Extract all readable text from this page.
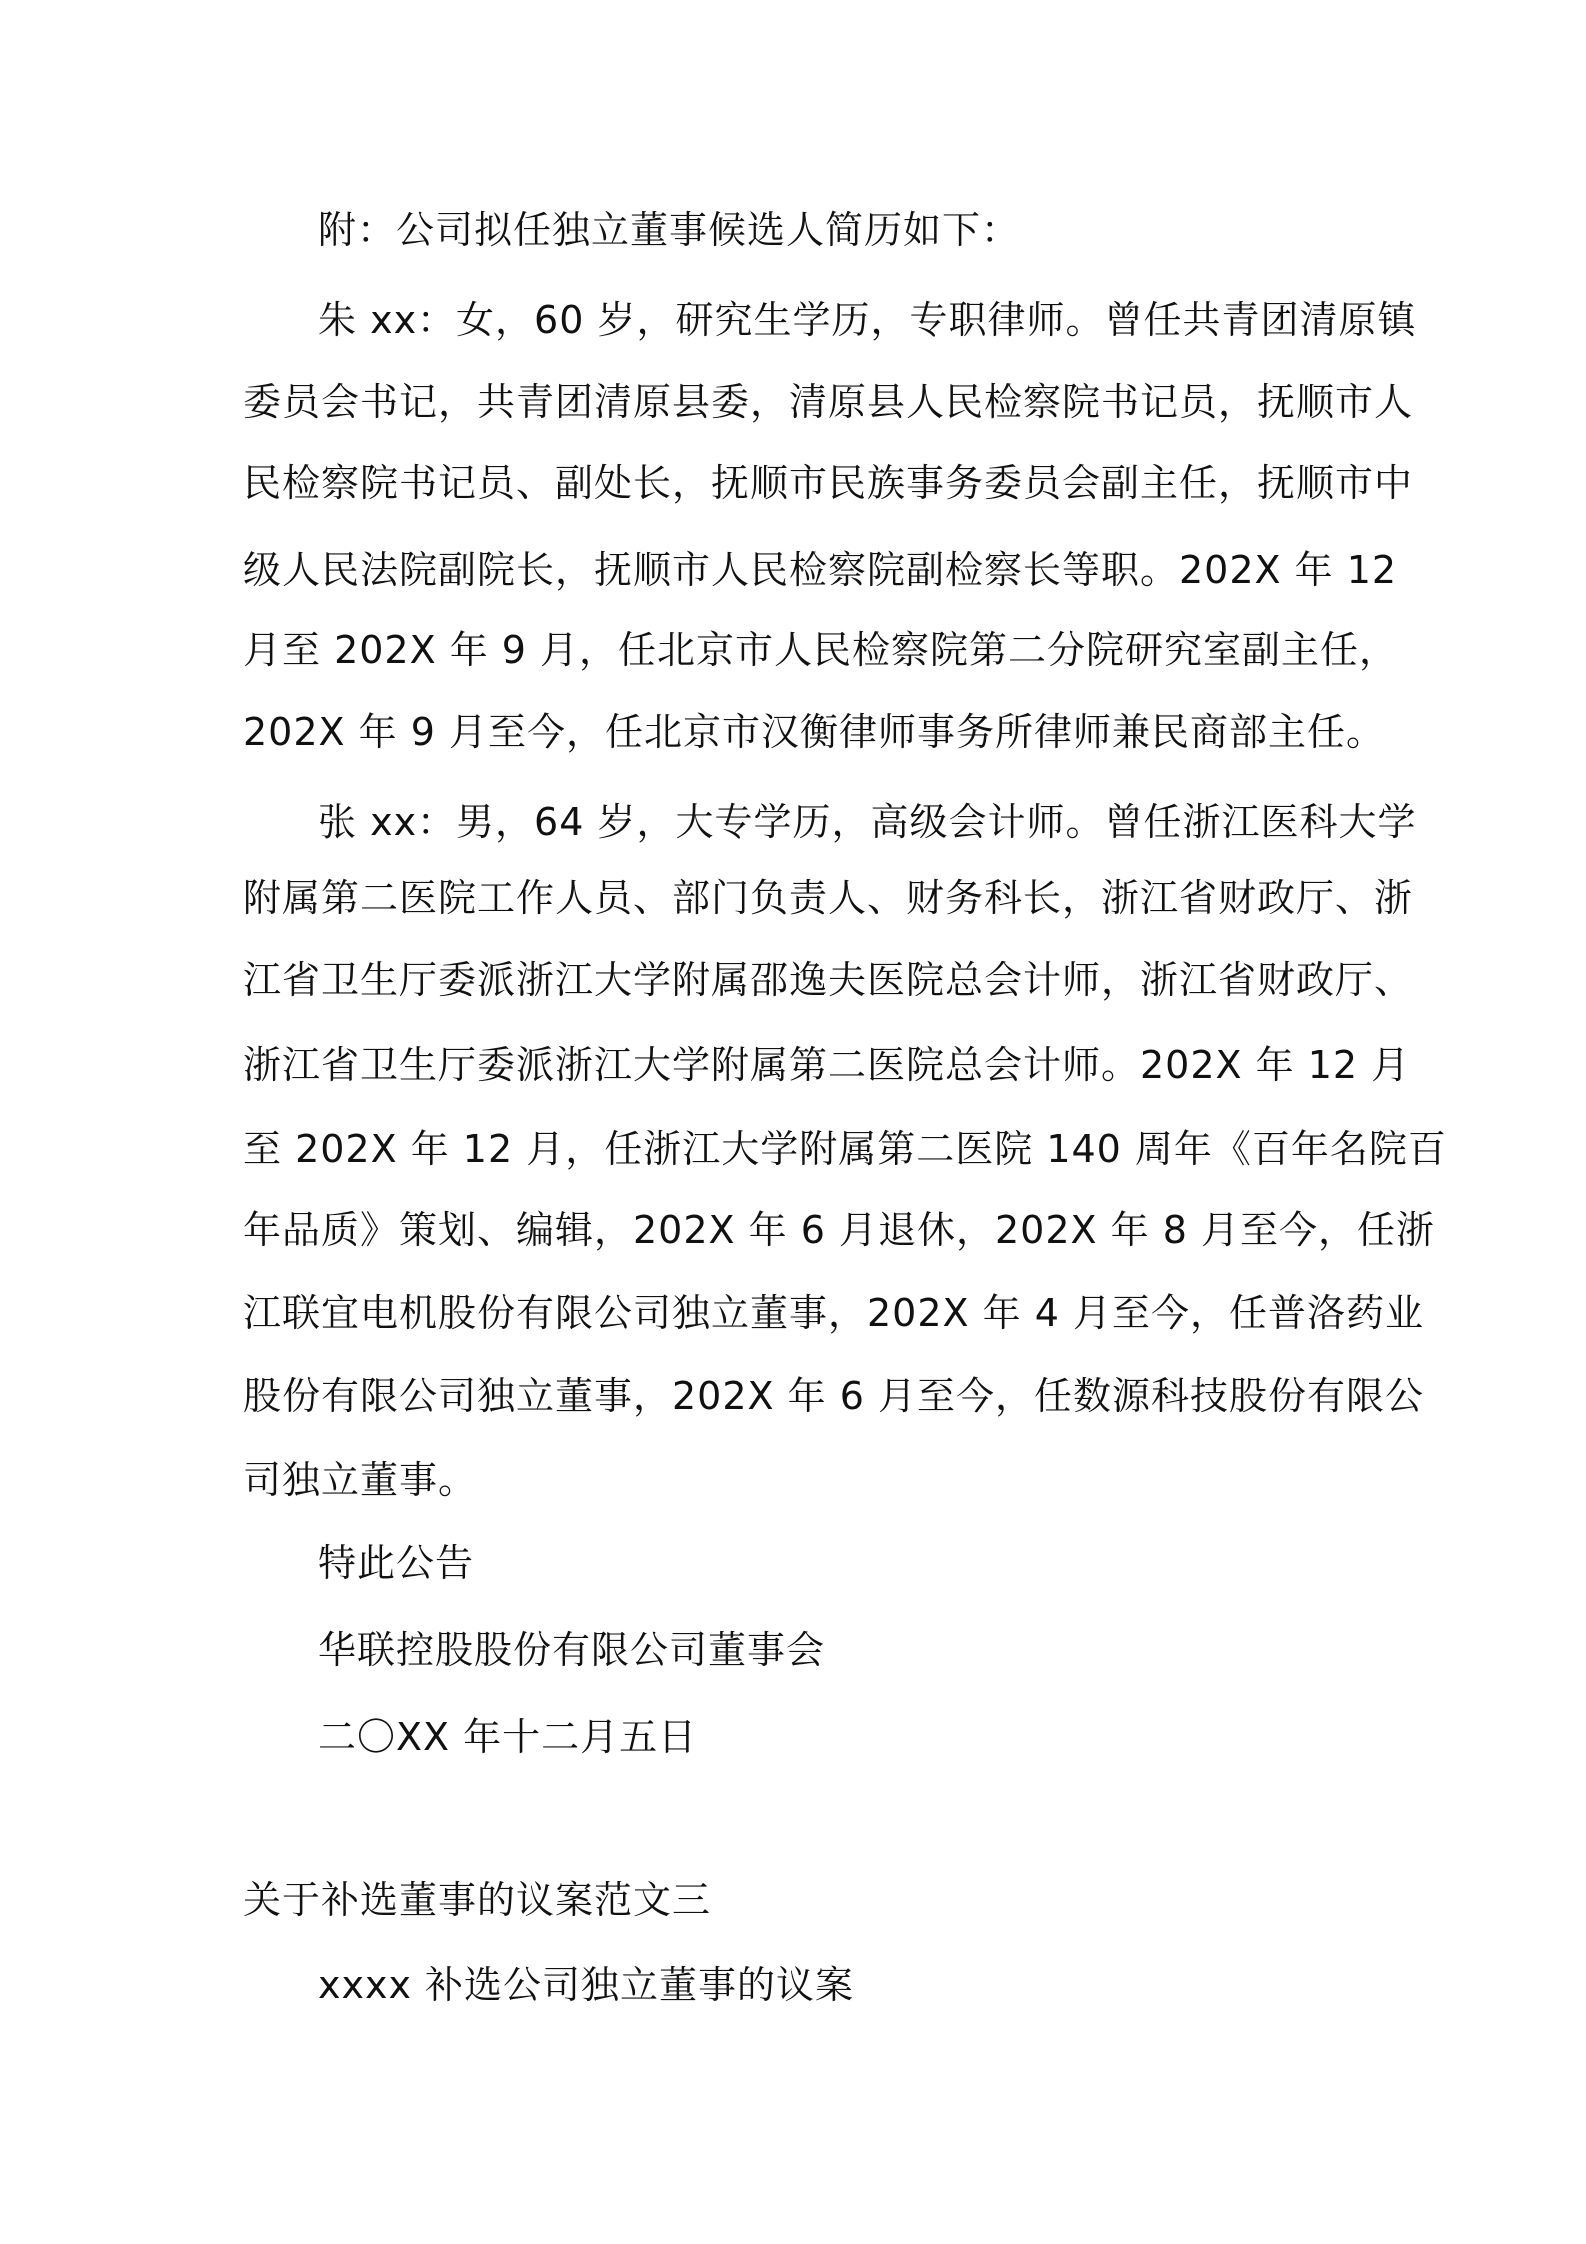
附：公司拟任独立董事候选人简历如下：
朱 xx：女，60 岁，研究生学历，专职律师。曾任共青团清原镇
委员会书记，共青团清原县委，清原县人民检察院书记员，抚顺市人
民检察院书记员、副处长，抚顺市民族事务委员会副主任，抚顺市中
级人民法院副院长，抚顺市人民检察院副检察长等职。202X 年 12
月至 202X 年 9 月，任北京市人民检察院第二分院研究室副主任，
202X 年 9 月至今，任北京市汉衡律师事务所律师兼民商部主任。
张 xx：男，64 岁，大专学历，高级会计师。曾任浙江医科大学
附属第二医院工作人员、部门负责人、财务科长，浙江省财政厅、浙
江省卫生厅委派浙江大学附属邵逸夫医院总会计师，浙江省财政厅、
浙江省卫生厅委派浙江大学附属第二医院总会计师。202X 年 12 月
至 202X 年 12 月，任浙江大学附属第二医院 140 周年《百年名院百
年品质》策划、编辑，202X 年 6 月退休，202X 年 8 月至今，任浙
江联宜电机股份有限公司独立董事，202X 年 4 月至今，任普洛药业
股份有限公司独立董事，202X 年 6 月至今，任数源科技股份有限公
司独立董事。
特此公告
华联控股股份有限公司董事会
二〇XX 年十二月五日
关于补选董事的议案范文三
xxxx 补选公司独立董事的议案
